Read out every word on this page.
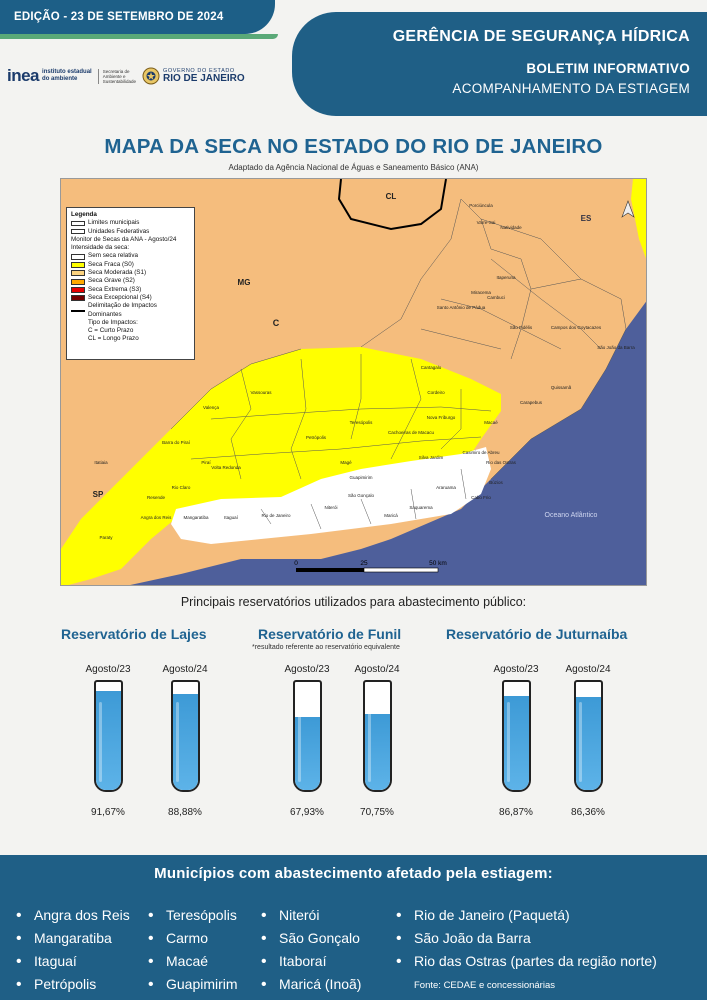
EDIÇÃO - 23 DE SETEMBRO DE 2024
inea instituto estadual
do ambiente
Secretaria de
Ambiente e
Sustentabilidade
GOVERNO DO ESTADO
RIO DE JANEIRO
GERÊNCIA DE SEGURANÇA HÍDRICA
BOLETIM INFORMATIVO
ACOMPANHAMENTO DA ESTIAGEM
MAPA DA SECA NO ESTADO DO RIO DE JANEIRO
Adaptado da Agência Nacional de Águas e Saneamento Básico (ANA)
CL
MG
C
ES
SP
Oceano Atlântico
Porciúncula
Natividade
Varre-Sai
Itaperuna
Campos dos Goytacazes
São Fidélis
Cambuci
Miracema
Santo Antônio de Pádua
Cantagalo
Cordeiro
Macaé
Carapebus
Quissamã
São João da Barra
Nova Friburgo
Teresópolis
Petrópolis
Vassouras
Valença
Barra do Piraí
Volta Redonda
Resende
Itatiaia	Piraí
Rio Claro
Angra dos Reis
Paraty
Mangaratiba	Itaguaí
Magé
Guapimirim
Cachoeiras de Macacu
Silva Jardim
Casimiro de Abreu
Rio de Janeiro
Niterói
São Gonçalo
Maricá
Saquarema
Araruama
Cabo Frio
Búzios
Rio das Ostras
0	25	50 km
Legenda
Limites municipais
Unidades Federativas
Monitor de Secas da ANA - Agosto/24
Intensidade da seca:
Sem seca relativa
Seca Fraca (S0)
Seca Moderada (S1)
Seca Grave (S2)
Seca Extrema (S3)
Seca Excepcional (S4)
Delimitação de Impactos Dominantes
Tipo de Impactos:
C = Curto Prazo
CL = Longo Prazo
Principais reservatórios utilizados para abastecimento público:
Reservatório de Lajes	Reservatório de Funil	Reservatório de Juturnaíba
*resultado referente ao reservatório equivalente
Agosto/23
91,67%
Agosto/24
88,88%
Agosto/23
67,93%
Agosto/24
70,75%
Agosto/23
86,87%
Agosto/24
86,36%
Municípios com abastecimento afetado pela estiagem:
• Angra dos Reis
• Mangaratiba
• Itaguaí
• Petrópolis
• Teresópolis
• Carmo
• Macaé
• Guapimirim
• Niterói
• São Gonçalo
• Itaboraí
• Maricá (Inoã)
• Rio de Janeiro (Paquetá)
• São João da Barra
• Rio das Ostras (partes da região norte)
Fonte: CEDAE e concessionárias
